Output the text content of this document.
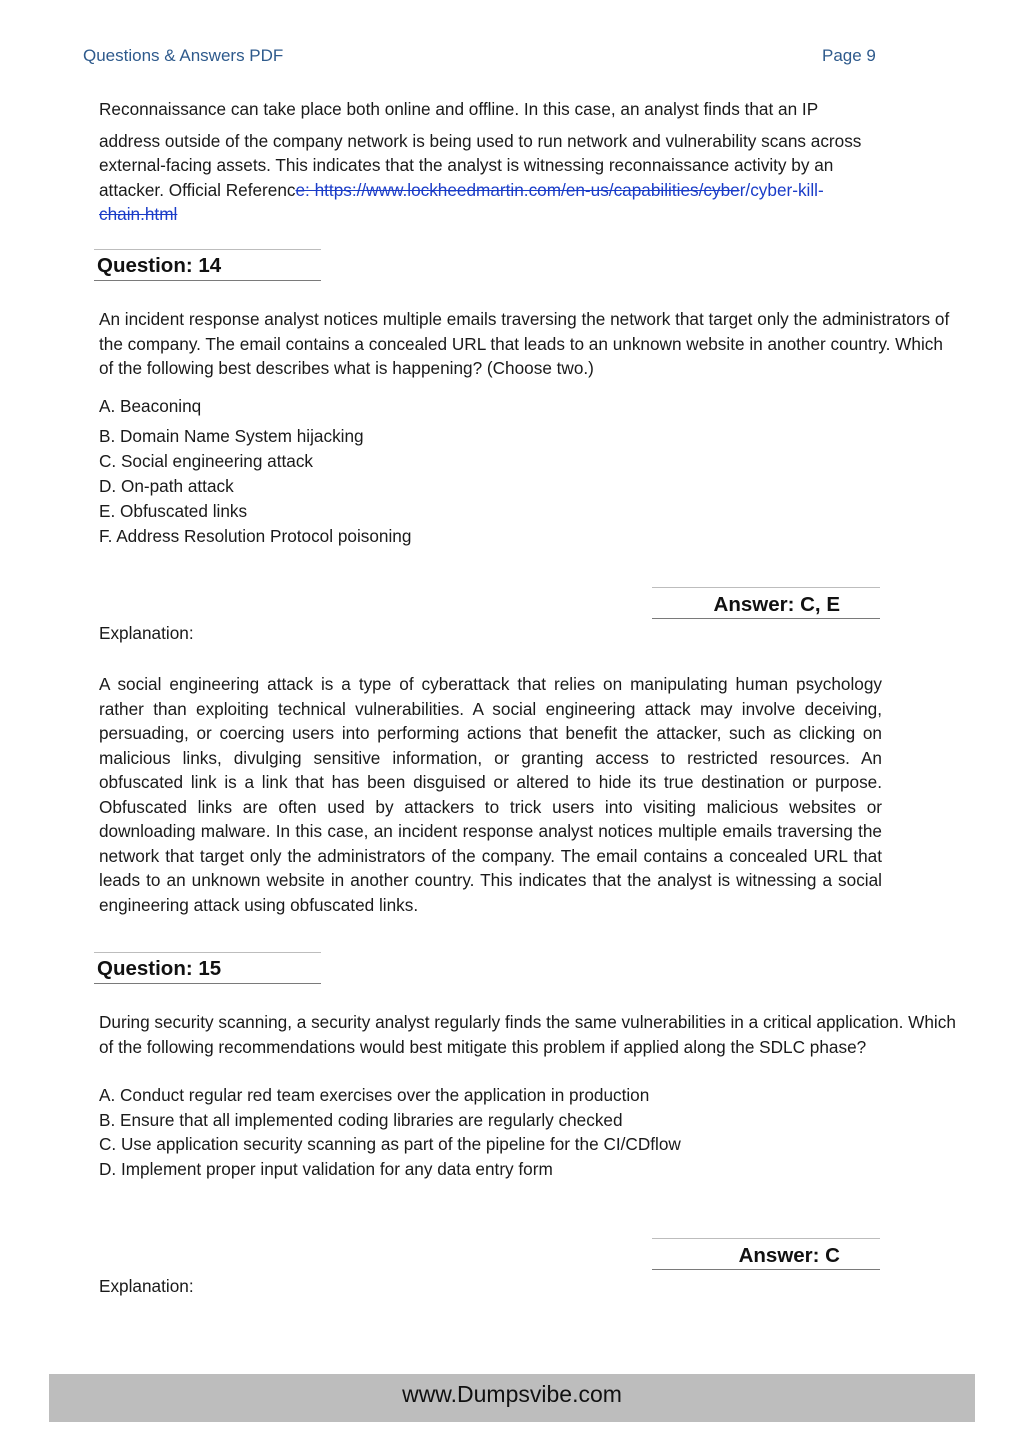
Questions & Answers PDF	Page 9
Reconnaissance can take place both online and offline. In this case, an analyst finds that an IP
address outside of the company network is being used to run network and vulnerability scans across
external-facing assets. This indicates that the analyst is witnessing reconnaissance activity by an
attacker. Official Reference: https://www.lockheedmartin.com/en-us/capabilities/cyber/cyber-kill-
chain.html
Question: 14
An incident response analyst notices multiple emails traversing the network that target only the administrators of the company. The email contains a concealed URL that leads to an unknown website in another country. Which of the following best describes what is happening? (Choose two.)
A. Beaconinq
B. Domain Name System hijacking
C. Social engineering attack
D. On-path attack
E. Obfuscated links
F. Address Resolution Protocol poisoning
Answer: C, E
Explanation:
A social engineering attack is a type of cyberattack that relies on manipulating human psychology rather than exploiting technical vulnerabilities. A social engineering attack may involve deceiving, persuading, or coercing users into performing actions that benefit the attacker, such as clicking on malicious links, divulging sensitive information, or granting access to restricted resources. An obfuscated link is a link that has been disguised or altered to hide its true destination or purpose. Obfuscated links are often used by attackers to trick users into visiting malicious websites or downloading malware. In this case, an incident response analyst notices multiple emails traversing the network that target only the administrators of the company. The email contains a concealed URL that leads to an unknown website in another country. This indicates that the analyst is witnessing a social engineering attack using obfuscated links.
Question: 15
During security scanning, a security analyst regularly finds the same vulnerabilities in a critical application. Which of the following recommendations would best mitigate this problem if applied along the SDLC phase?
A. Conduct regular red team exercises over the application in production
B. Ensure that all implemented coding libraries are regularly checked
C. Use application security scanning as part of the pipeline for the CI/CDflow
D. Implement proper input validation for any data entry form
Answer: C
Explanation:
www.Dumpsvibe.com
